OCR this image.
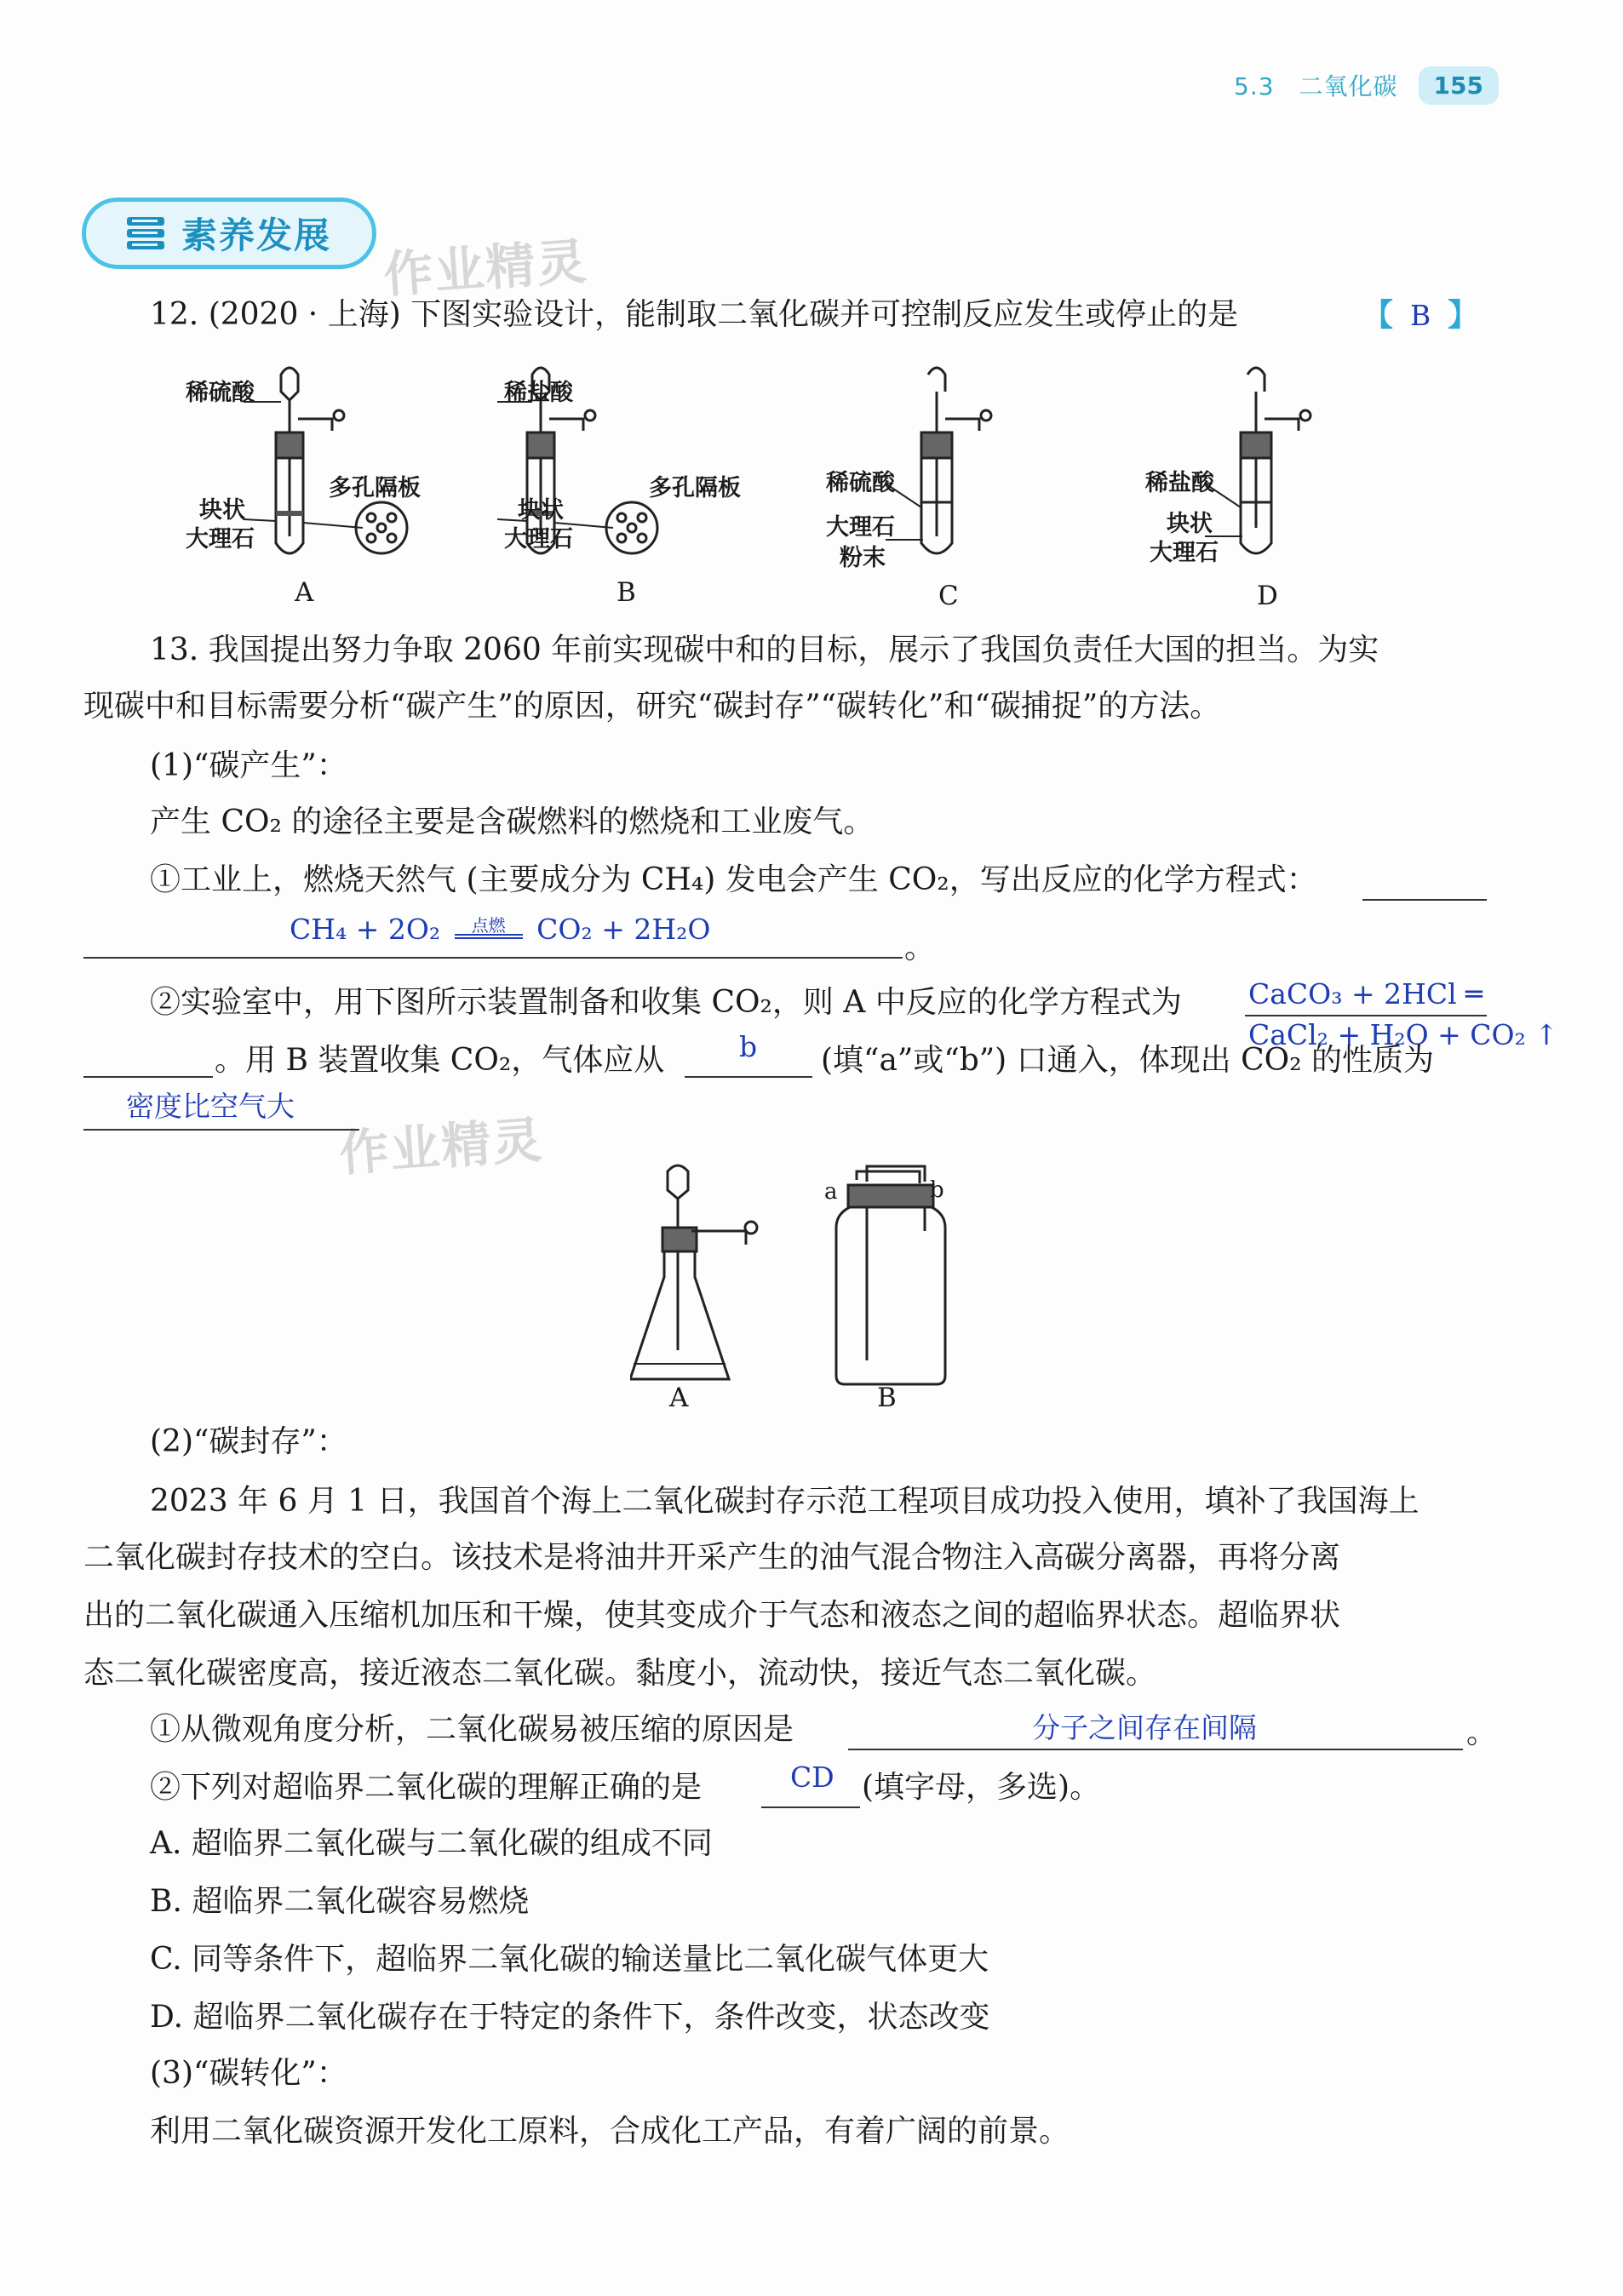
5.3　二氧化碳	155
素养发展 作业精灵
作业精灵
12. (2020 · 上海) 下图实验设计，能制取二氧化碳并可控制反应发生或停止的是	【 B 】
稀硫酸
多孔隔板
块状
大理石
A
稀盐酸
多孔隔板
块状
大理石
B
稀硫酸
大理石
粉末
C
稀盐酸
块状
大理石
D
13. 我国提出努力争取 2060 年前实现碳中和的目标，展示了我国负责任大国的担当。为实
现碳中和目标需要分析“碳产生”的原因，研究“碳封存”“碳转化”和“碳捕捉”的方法。
(1)“碳产生”：
产生 CO₂ 的途径主要是含碳燃料的燃烧和工业废气。
①工业上，燃烧天然气 (主要成分为 CH₄) 发电会产生 CO₂，写出反应的化学方程式：
CH₄ + 2O₂	点燃	CO₂ + 2H₂O
。
②实验室中，用下图所示装置制备和收集 CO₂，则 A 中反应的化学方程式为 CaCO₃ + 2HCl ═
CaCl₂ + H₂O + CO₂ ↑
。用 B 装置收集 CO₂，气体应从	b (填“a”或“b”) 口通入，体现出 CO₂ 的性质为
密度比空气大
a	b
A	B
(2)“碳封存”：
2023 年 6 月 1 日，我国首个海上二氧化碳封存示范工程项目成功投入使用，填补了我国海上
二氧化碳封存技术的空白。该技术是将油井开采产生的油气混合物注入高碳分离器，再将分离
出的二氧化碳通入压缩机加压和干燥，使其变成介于气态和液态之间的超临界状态。超临界状
态二氧化碳密度高，接近液态二氧化碳。黏度小，流动快，接近气态二氧化碳。
①从微观角度分析，二氧化碳易被压缩的原因是	分子之间存在间隔	。
②下列对超临界二氧化碳的理解正确的是	CD (填字母，多选)。
A. 超临界二氧化碳与二氧化碳的组成不同
B. 超临界二氧化碳容易燃烧
C. 同等条件下，超临界二氧化碳的输送量比二氧化碳气体更大
D. 超临界二氧化碳存在于特定的条件下，条件改变，状态改变
(3)“碳转化”：
利用二氧化碳资源开发化工原料，合成化工产品，有着广阔的前景。
